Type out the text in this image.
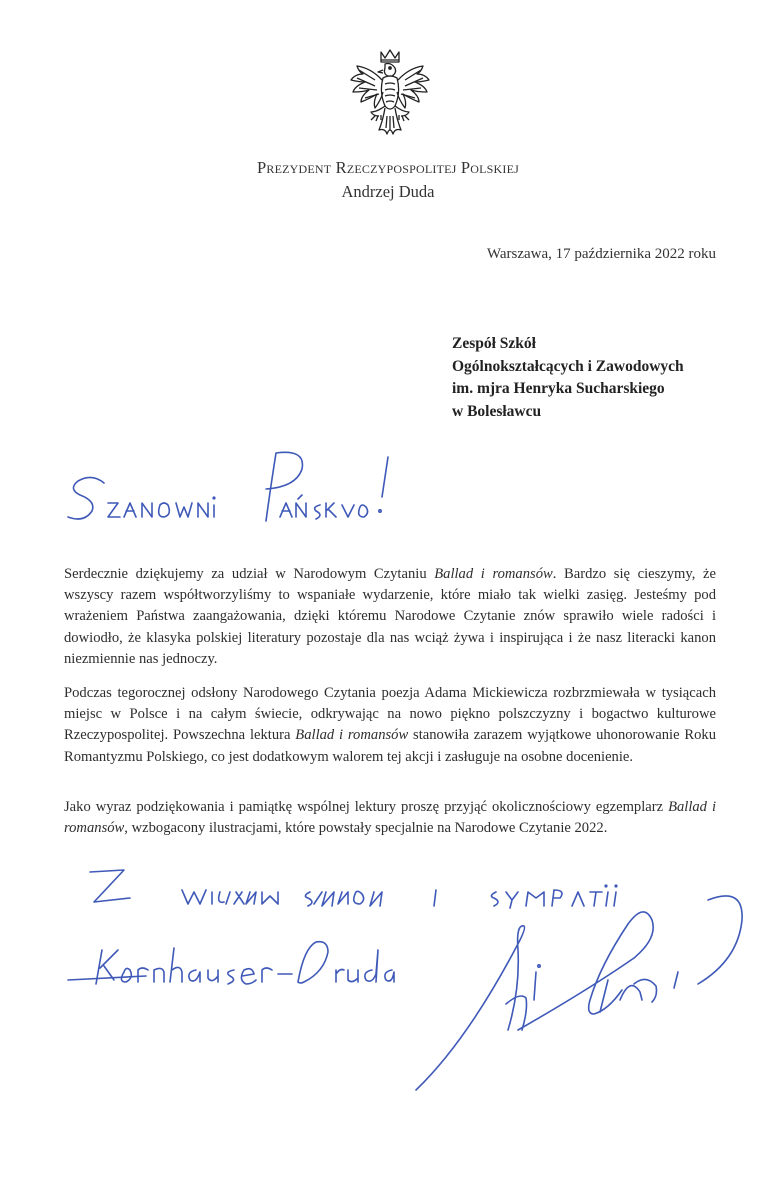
Prezydent Rzeczypospolitej Polskiej
Andrzej Duda
Warszawa, 17 października 2022 roku
Zespół Szkół
Ogólnokształcących i Zawodowych
im. mjra Henryka Sucharskiego
w Bolesławcu
Serdecznie dziękujemy za udział w Narodowym Czytaniu Ballad i romansów. Bardzo się cieszymy, że wszyscy razem współtworzyliśmy to wspaniałe wydarzenie, które miało tak wielki zasięg. Jesteśmy pod wrażeniem Państwa zaangażowania, dzięki któremu Narodowe Czytanie znów sprawiło wiele radości i dowiodło, że klasyka polskiej literatury pozostaje dla nas wciąż żywa i inspirująca i że nasz literacki kanon niezmiennie nas jednoczy.
Podczas tegorocznej odsłony Narodowego Czytania poezja Adama Mickiewicza rozbrzmiewała w tysiącach miejsc w Polsce i na całym świecie, odkrywając na nowo piękno polszczyzny i bogactwo kulturowe Rzeczypospolitej. Powszechna lektura Ballad i romansów stanowiła zarazem wyjątkowe uhonorowanie Roku Romantyzmu Polskiego, co jest dodatkowym walorem tej akcji i zasługuje na osobne docenienie.
Jako wyraz podziękowania i pamiątkę wspólnej lektury proszę przyjąć okolicznościowy egzemplarz Ballad i romansów, wzbogacony ilustracjami, które powstały specjalnie na Narodowe Czytanie 2022.
